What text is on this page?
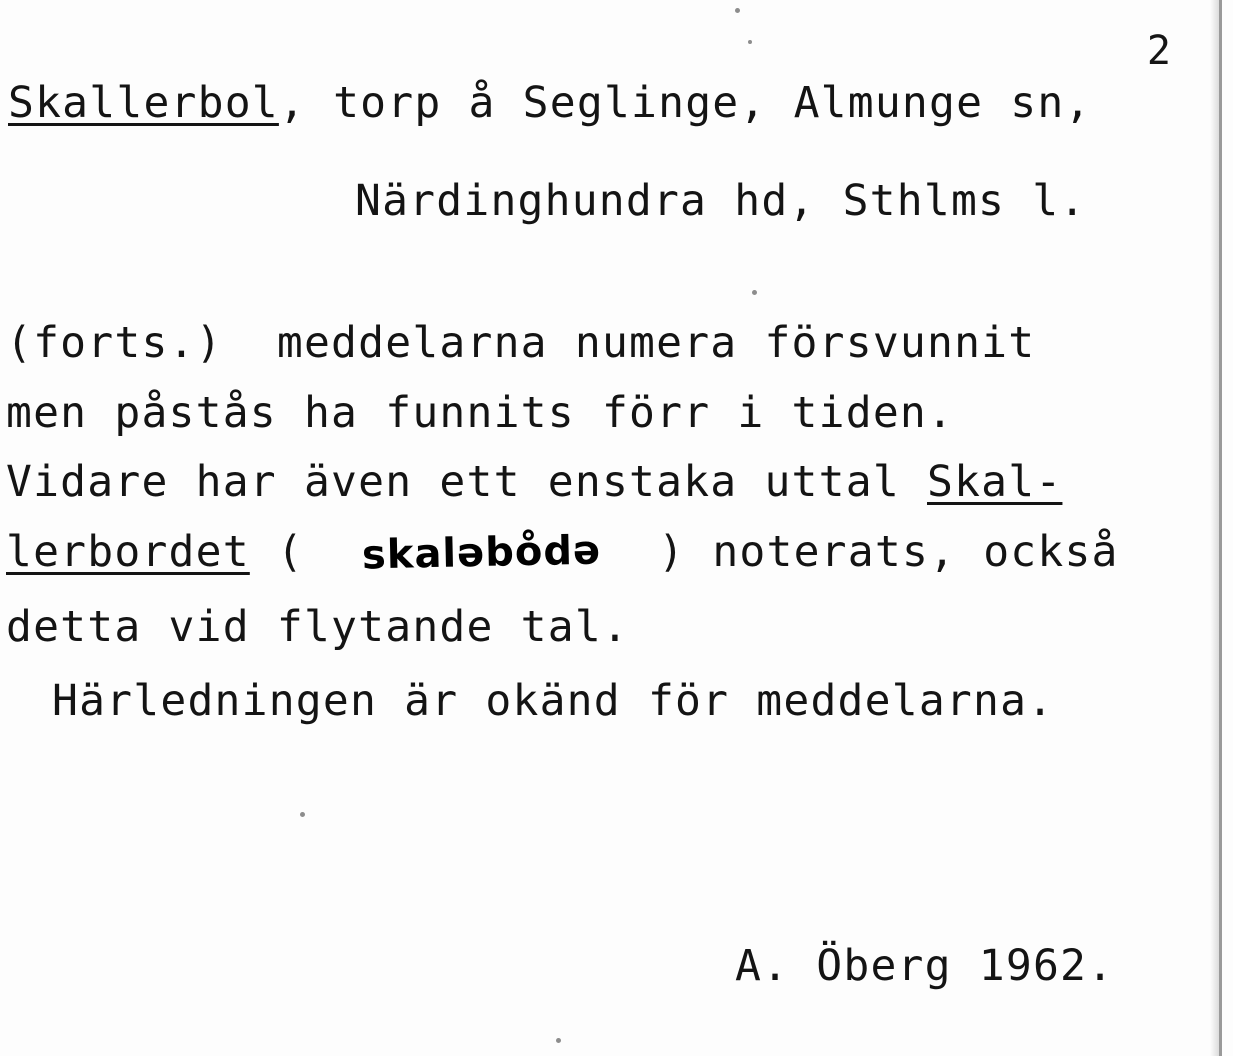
2
Skallerbol, torp å Seglinge, Almunge sn,
Närdinghundra hd, Sthlms l.
(forts.)  meddelarna numera försvunnit
men påstås ha funnits förr i tiden.
Vidare har även ett enstaka uttal Skal-
lerbordet (	) noterats, också
skalǝbo̊dǝ
detta vid flytande tal.
Härledningen är okänd för meddelarna.
A. Öberg 1962.
